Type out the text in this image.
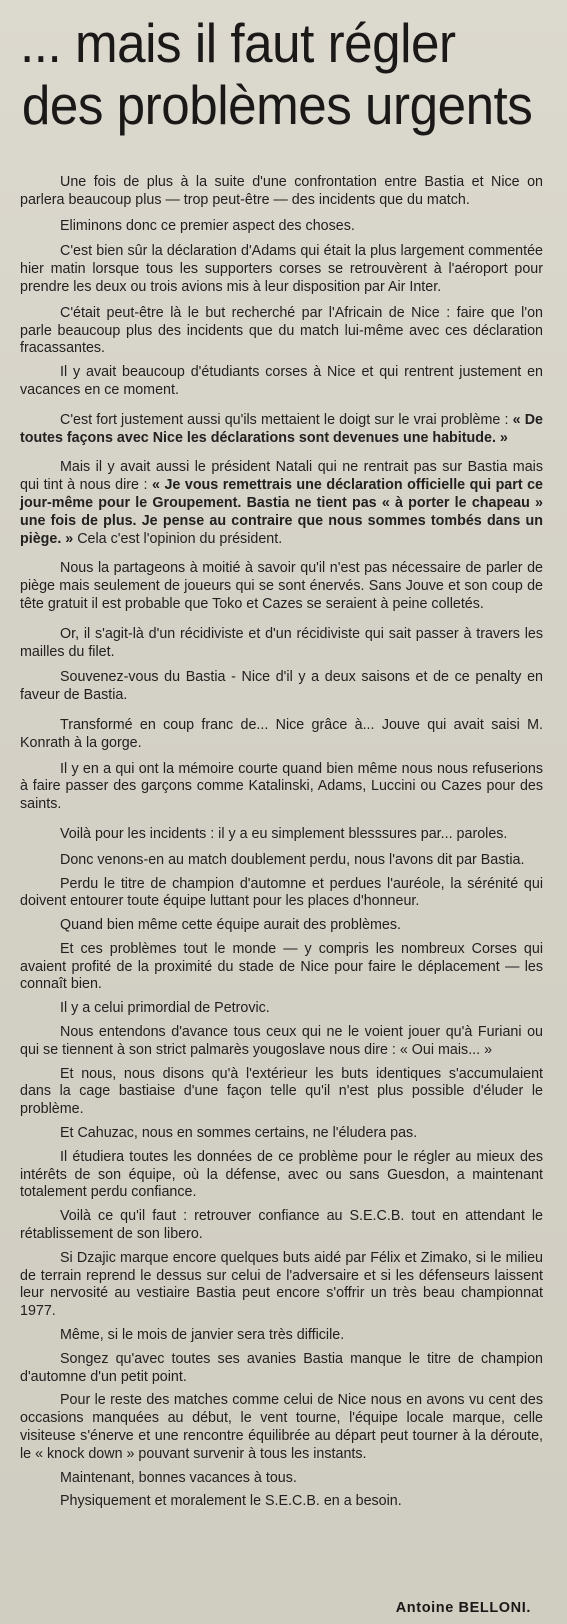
... mais il faut régler
des problèmes urgents

Une fois de plus à la suite d'une confrontation entre Bastia et Nice on parlera beaucoup plus — trop peut-être — des incidents que du match.

Eliminons donc ce premier aspect des choses.

C'est bien sûr la déclaration d'Adams qui était la plus largement commentée hier matin lorsque tous les supporters corses se retrouvèrent à l'aéroport pour prendre les deux ou trois avions mis à leur disposition par Air Inter.

C'était peut-être là le but recherché par l'Africain de Nice : faire que l'on parle beaucoup plus des incidents que du match lui-même avec ces déclaration fracassantes.

Il y avait beaucoup d'étudiants corses à Nice et qui rentrent justement en vacances en ce moment.

C'est fort justement aussi qu'ils mettaient le doigt sur le vrai problème : « De toutes façons avec Nice les déclarations sont devenues une habitude. »

Mais il y avait aussi le président Natali qui ne rentrait pas sur Bastia mais qui tint à nous dire : « Je vous remettrais une déclaration officielle qui part ce jour-même pour le Groupement. Bastia ne tient pas « à porter le chapeau » une fois de plus. Je pense au contraire que nous sommes tombés dans un piège. » Cela c'est l'opinion du président.

Nous la partageons à moitié à savoir qu'il n'est pas nécessaire de parler de piège mais seulement de joueurs qui se sont énervés. Sans Jouve et son coup de tête gratuit il est probable que Toko et Cazes se seraient à peine colletés.

Or, il s'agit-là d'un récidiviste et d'un récidiviste qui sait passer à travers les mailles du filet.

Souvenez-vous du Bastia - Nice d'il y a deux saisons et de ce penalty en faveur de Bastia.

Transformé en coup franc de... Nice grâce à... Jouve qui avait saisi M. Konrath à la gorge.

Il y en a qui ont la mémoire courte quand bien même nous nous refuserions à faire passer des garçons comme Katalinski, Adams, Luccini ou Cazes pour des saints.

Voilà pour les incidents : il y a eu simplement blesssures par... paroles.

Donc venons-en au match doublement perdu, nous l'avons dit par Bastia.

Perdu le titre de champion d'automne et perdues l'auréole, la sérénité qui doivent entourer toute équipe luttant pour les places d'honneur.

Quand bien même cette équipe aurait des problèmes.

Et ces problèmes tout le monde — y compris les nombreux Corses qui avaient profité de la proximité du stade de Nice pour faire le déplacement — les connaît bien.

Il y a celui primordial de Petrovic.

Nous entendons d'avance tous ceux qui ne le voient jouer qu'à Furiani ou qui se tiennent à son strict palmarès yougoslave nous dire : « Oui mais... »

Et nous, nous disons qu'à l'extérieur les buts identiques s'accumulaient dans la cage bastiaise d'une façon telle qu'il n'est plus possible d'éluder le problème.

Et Cahuzac, nous en sommes certains, ne l'éludera pas.

Il étudiera toutes les données de ce problème pour le régler au mieux des intérêts de son équipe, où la défense, avec ou sans Guesdon, a maintenant totalement perdu confiance.

Voilà ce qu'il faut : retrouver confiance au S.E.C.B. tout en attendant le rétablissement de son libero.

Si Dzajic marque encore quelques buts aidé par Félix et Zimako, si le milieu de terrain reprend le dessus sur celui de l'adversaire et si les défenseurs laissent leur nervosité au vestiaire Bastia peut encore s'offrir un très beau championnat 1977.

Même, si le mois de janvier sera très difficile.

Songez qu'avec toutes ses avanies Bastia manque le titre de champion d'automne d'un petit point.

Pour le reste des matches comme celui de Nice nous en avons vu cent des occasions manquées au début, le vent tourne, l'équipe locale marque, celle visiteuse s'énerve et une rencontre équilibrée au départ peut tourner à la déroute, le « knock down » pouvant survenir à tous les instants.

Maintenant, bonnes vacances à tous.

Physiquement et moralement le S.E.C.B. en a besoin.

Antoine BELLONI.
